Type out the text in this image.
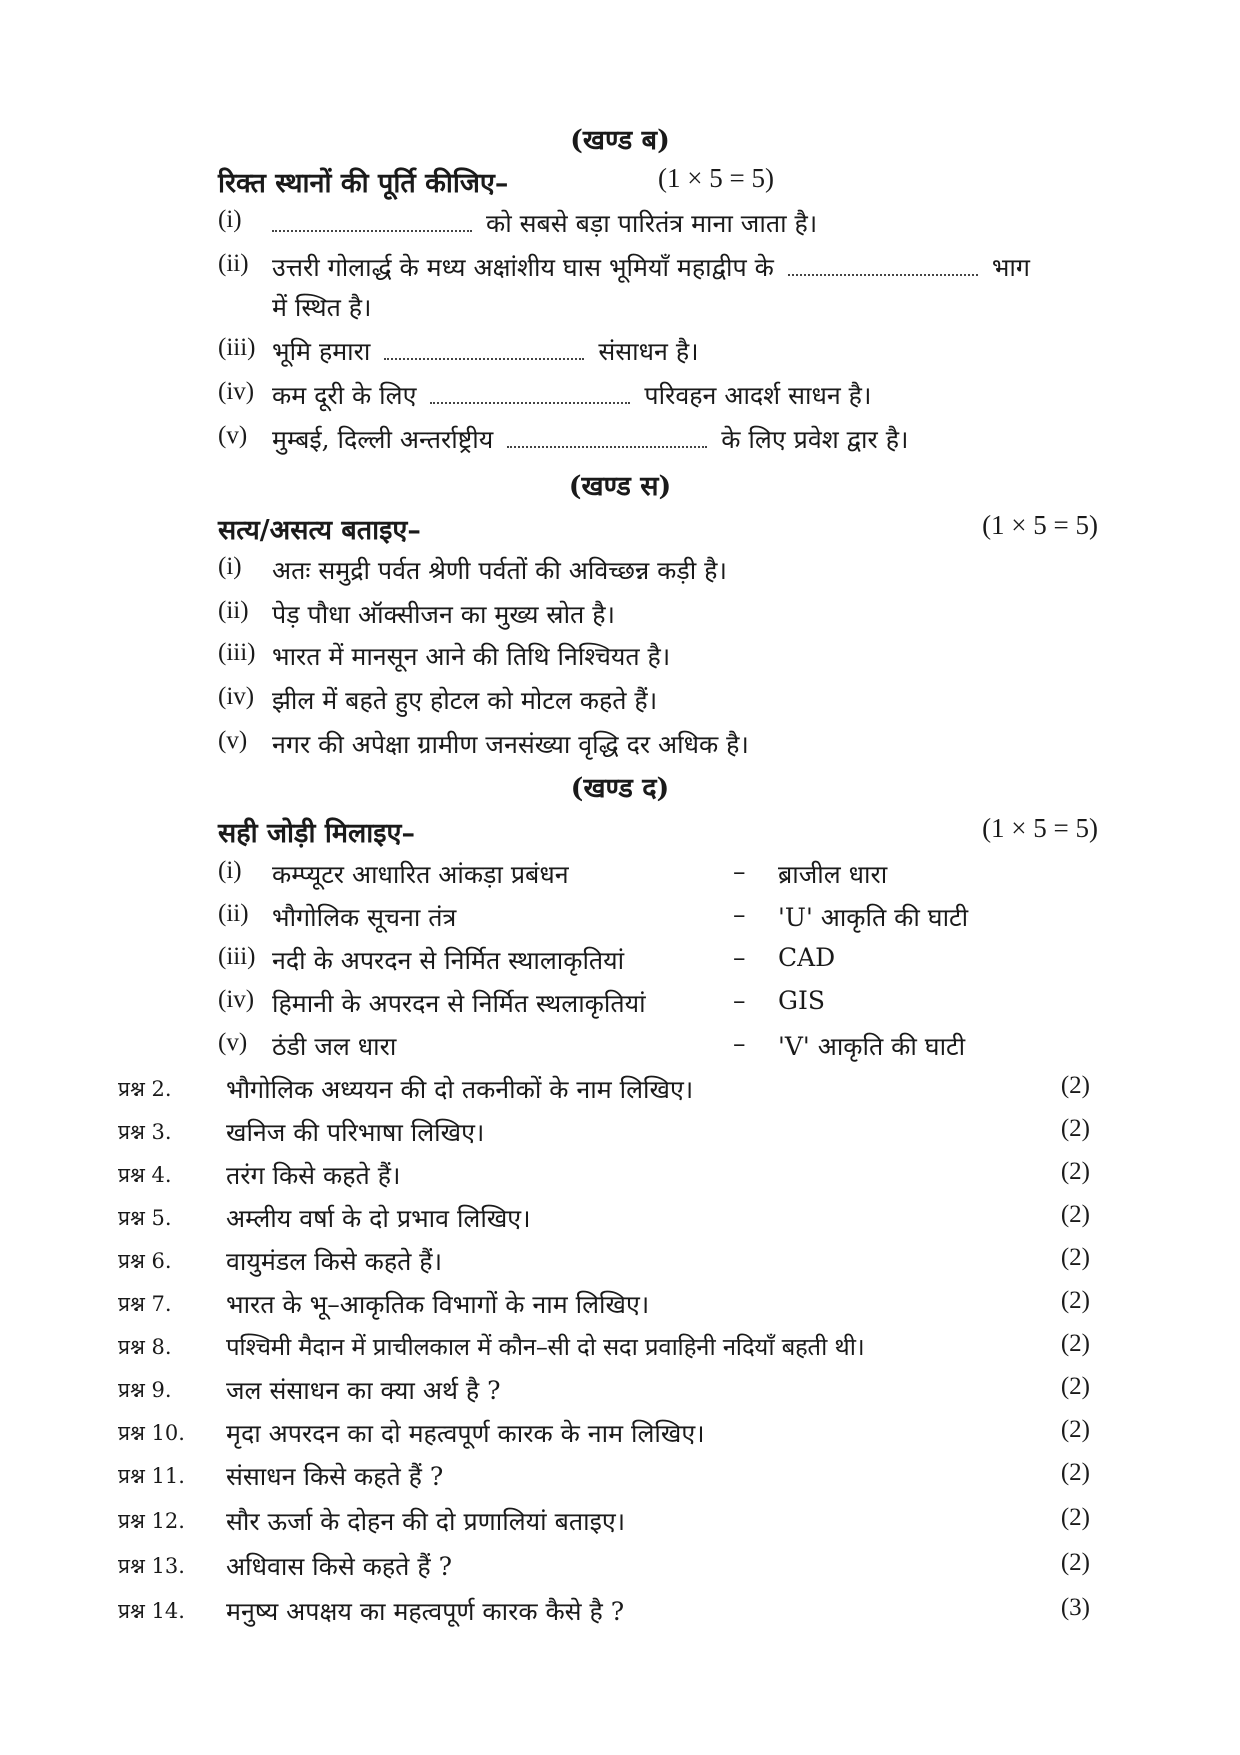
(खण्ड ब)
रिक्त स्थानों की पूर्ति कीजिए–	(1 × 5 = 5)
(i)	को सबसे बड़ा पारितंत्र माना जाता है।
(ii) उत्तरी गोलार्द्ध के मध्य अक्षांशीय घास भूमियाँ महाद्वीप के	भाग
में स्थित है।
(iii) भूमि हमारा	संसाधन है।
(iv) कम दूरी के लिए	परिवहन आदर्श साधन है।
(v) मुम्बई, दिल्ली अन्तर्राष्ट्रीय	के लिए प्रवेश द्वार है।
(खण्ड स)
सत्य/असत्य बताइए–	(1 × 5 = 5)
(i) अतः समुद्री पर्वत श्रेणी पर्वतों की अविच्छन्न कड़ी है।
(ii) पेड़ पौधा ऑक्सीजन का मुख्य स्रोत है।
(iii) भारत में मानसून आने की तिथि निश्चियत है।
(iv) झील में बहते हुए होटल को मोटल कहते हैं।
(v) नगर की अपेक्षा ग्रामीण जनसंख्या वृद्धि दर अधिक है।
(खण्ड द)
सही जोड़ी मिलाइए–	(1 × 5 = 5)
(i) कम्प्यूटर आधारित आंकड़ा प्रबंधन	– ब्राजील धारा
(ii) भौगोलिक सूचना तंत्र	– 'U' आकृति की घाटी
(iii) नदी के अपरदन से निर्मित स्थालाकृतियां	– CAD
(iv) हिमानी के अपरदन से निर्मित स्थलाकृतियां	– GIS
(v) ठंडी जल धारा	– 'V' आकृति की घाटी
प्रश्न 2. भौगोलिक अध्ययन की दो तकनीकों के नाम लिखिए।	(2)
प्रश्न 3. खनिज की परिभाषा लिखिए।	(2)
प्रश्न 4. तरंग किसे कहते हैं।	(2)
प्रश्न 5. अम्लीय वर्षा के दो प्रभाव लिखिए।	(2)
प्रश्न 6. वायुमंडल किसे कहते हैं।	(2)
प्रश्न 7. भारत के भू–आकृतिक विभागों के नाम लिखिए।	(2)
प्रश्न 8. पश्चिमी मैदान में प्राचीलकाल में कौन–सी दो सदा प्रवाहिनी नदियाँ बहती थी।	(2)
प्रश्न 9. जल संसाधन का क्या अर्थ है ?	(2)
प्रश्न 10. मृदा अपरदन का दो महत्वपूर्ण कारक के नाम लिखिए।	(2)
प्रश्न 11. संसाधन किसे कहते हैं ?	(2)
प्रश्न 12. सौर ऊर्जा के दोहन की दो प्रणालियां बताइए।	(2)
प्रश्न 13. अधिवास किसे कहते हैं ?	(2)
प्रश्न 14. मनुष्य अपक्षय का महत्वपूर्ण कारक कैसे है ?	(3)
